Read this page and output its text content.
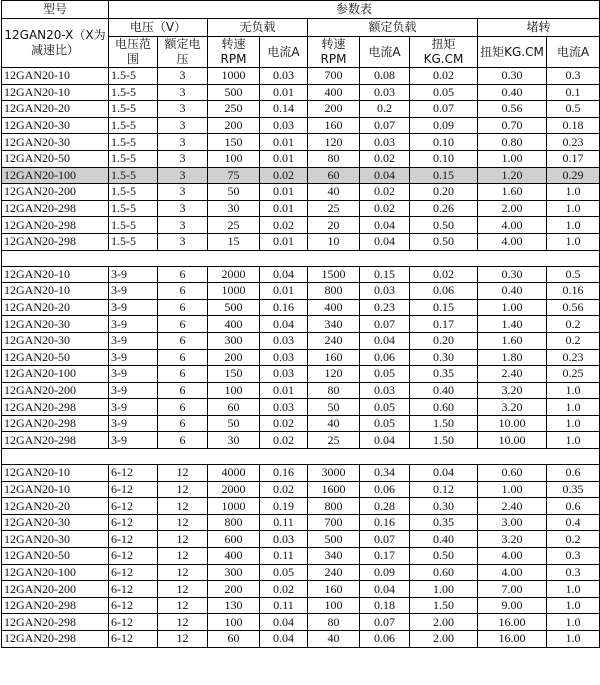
型号	参数表								

12GAN20-X（X为减速比）	电压（V）		无负载		额定负载			堵转	
	电压范围	额定电压	转速RPM	电流A	转速RPM	电流A	扭矩KG.CM	扭矩KG.CM	电流A
12GAN20-10	1.5-5	3	1000	0.03	700	0.08	0.02	0.30	0.3
12GAN20-10	1.5-5	3	500	0.01	400	0.03	0.05	0.40	0.1
12GAN20-20	1.5-5	3	250	0.14	200	0.2	0.07	0.56	0.5
12GAN20-30	1.5-5	3	200	0.03	160	0.07	0.09	0.70	0.18
12GAN20-30	1.5-5	3	150	0.01	120	0.03	0.10	0.80	0.23
12GAN20-50	1.5-5	3	100	0.01	80	0.02	0.10	1.00	0.17
12GAN20-100	1.5-5	3	75	0.02	60	0.04	0.15	1.20	0.29
12GAN20-200	1.5-5	3	50	0.01	40	0.02	0.20	1.60	1.0
12GAN20-298	1.5-5	3	30	0.01	25	0.02	0.26	2.00	1.0
12GAN20-298	1.5-5	3	25	0.02	20	0.04	0.50	4.00	1.0
12GAN20-298	1.5-5	3	15	0.01	10	0.04	0.50	4.00	1.0

12GAN20-10	3-9	6	2000	0.04	1500	0.15	0.02	0.30	0.5
12GAN20-10	3-9	6	1000	0.01	800	0.03	0.06	0.40	0.16
12GAN20-20	3-9	6	500	0.16	400	0.23	0.15	1.00	0.56
12GAN20-30	3-9	6	400	0.04	340	0.07	0.17	1.40	0.2
12GAN20-30	3-9	6	300	0.03	240	0.04	0.20	1.60	0.2
12GAN20-50	3-9	6	200	0.03	160	0.06	0.30	1.80	0.23
12GAN20-100	3-9	6	150	0.03	120	0.05	0.35	2.40	0.25
12GAN20-200	3-9	6	100	0.01	80	0.03	0.40	3.20	1.0
12GAN20-298	3-9	6	60	0.03	50	0.05	0.60	3.20	1.0
12GAN20-298	3-9	6	50	0.02	40	0.05	1.50	10.00	1.0
12GAN20-298	3-9	6	30	0.02	25	0.04	1.50	10.00	1.0

12GAN20-10	6-12	12	4000	0.16	3000	0.34	0.04	0.60	0.6
12GAN20-10	6-12	12	2000	0.02	1600	0.06	0.12	1.00	0.35
12GAN20-20	6-12	12	1000	0.19	800	0.28	0.30	2.40	0.6
12GAN20-30	6-12	12	800	0.11	700	0.16	0.35	3.00	0.4
12GAN20-30	6-12	12	600	0.03	500	0.07	0.40	3.20	0.2
12GAN20-50	6-12	12	400	0.11	340	0.17	0.50	4.00	0.3
12GAN20-100	6-12	12	300	0.05	240	0.09	0.60	4.00	0.3
12GAN20-200	6-12	12	200	0.02	160	0.04	1.00	7.00	1.0
12GAN20-298	6-12	12	130	0.11	100	0.18	1.50	9.00	1.0
12GAN20-298	6-12	12	100	0.04	80	0.07	2.00	16.00	1.0
12GAN20-298	6-12	12	60	0.04	40	0.06	2.00	16.00	1.0
